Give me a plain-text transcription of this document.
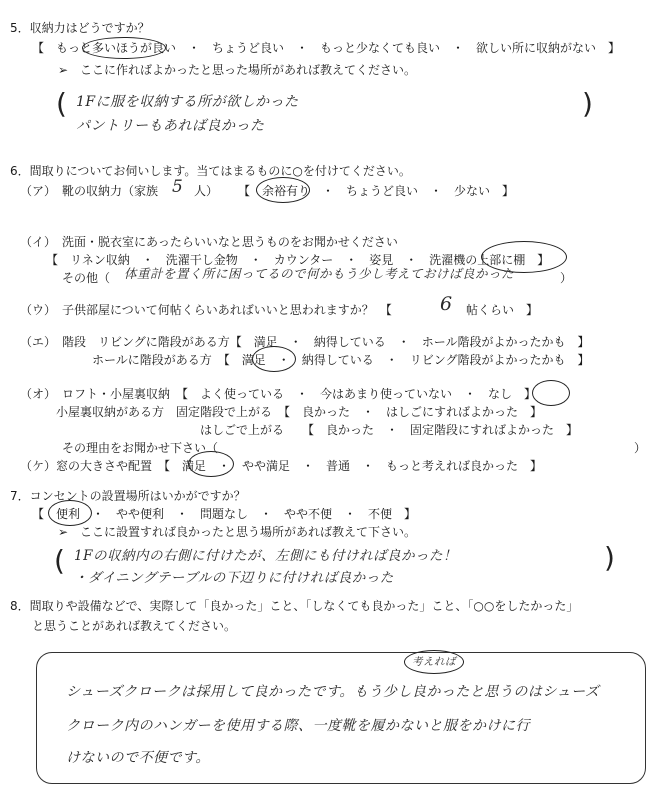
5．収納力はどうですか？
【　もっと多いほうが良い　・　ちょうど良い　・　もっと少なくても良い　・　欲しい所に収納がない　】
➢　ここに作ればよかったと思った場所があれば教えてください。
( 1Fに服を収納する所が欲しかった
パントリーもあれば良かった
)
6．間取りについてお伺いします。当てはまるものに○を付けてください。
（ア）　靴の収納力（家族 5 人） 【　余裕有り　・　ちょうど良い　・　少ない　】
（イ）　洗面・脱衣室にあったらいいなと思うものをお聞かせください
【　リネン収納　・　洗濯干し金物　・　カウンター　・　姿見　・　洗濯機の上部に棚　】
その他（ 体重計を置く所に困ってるので何かもう少し考えておけば良かった	）
（ウ）　子供部屋について何帖くらいあればいいと思われますか？　【	6 帖くらい　】
（エ）　階段　リビングに階段がある方【　満足　・　納得している　・　ホール階段がよかったかも　】
ホールに階段がある方　【　満足　・　納得している　・　リビング階段がよかったかも　】
（オ）　ロフト・小屋裏収納　【　よく使っている　・　今はあまり使っていない　・　なし　】
小屋裏収納がある方　固定階段で上がる　【　良かった　・　はしごにすればよかった　】
はしごで上がる　　【　良かった　・　固定階段にすればよかった　】
その理由をお聞かせ下さい（	）
（ケ）窓の大きさや配置　【　満足　・　やや満足　・　普通　・　もっと考えれば良かった　】
7．コンセントの設置場所はいかがですか？
【　便利　・　やや便利　・　問題なし　・　やや不便　・　不便　】
➢　ここに設置すれば良かったと思う場所があれば教えて下さい。
( 1Fの収納内の右側に付けたが、左側にも付ければ良かった！
・ダイニングテーブルの下辺りに付ければ良かった
)
8．間取りや設備などで、実際して「良かった」こと、「しなくても良かった」こと、「○○をしたかった」
と思うことがあれば教えてください。
考えれば
シューズクロークは採用して良かったです。もう少し良かったと思うのはシューズ
クローク内のハンガーを使用する際、一度靴を履かないと服をかけに行
けないので不便です。
